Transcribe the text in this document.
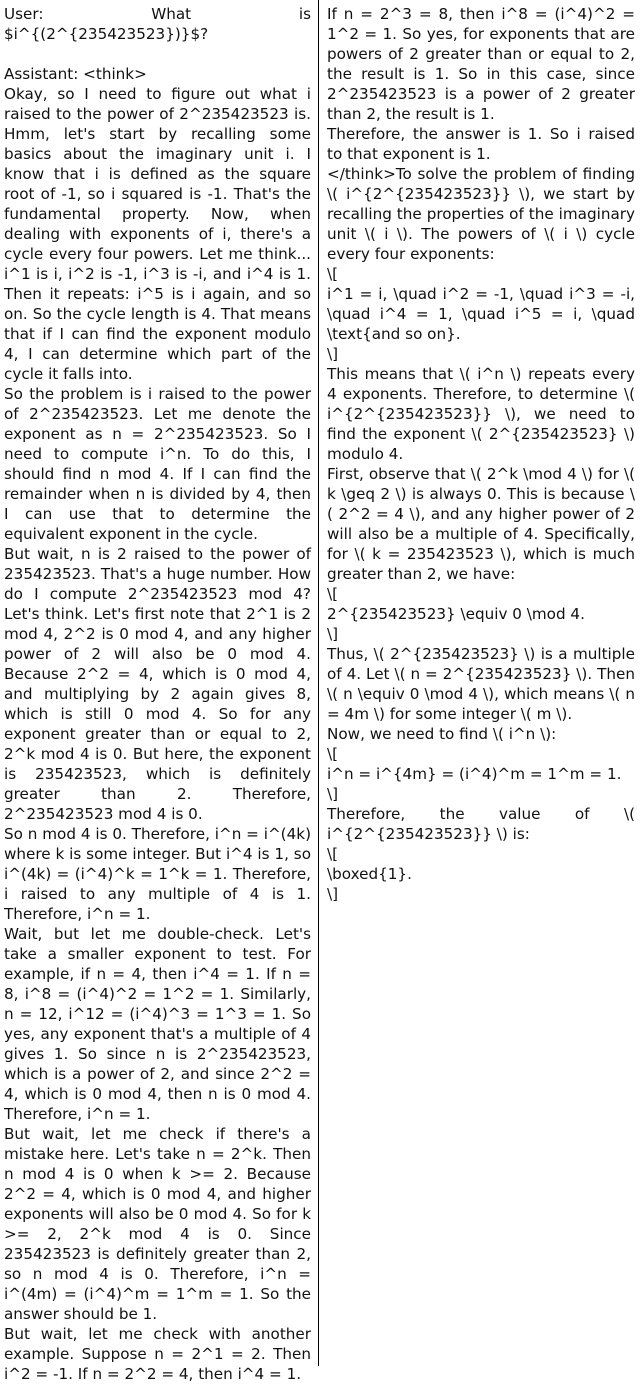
User: What is $i^{(2^{235423523})}$?

Assistant: <think>

Okay, so I need to figure out what i raised to the power of 2^235423523 is. Hmm, let's start by recalling some basics about the imaginary unit i. I know that i is defined as the square root of -1, so i squared is -1. That's the fundamental property. Now, when dealing with exponents of i, there's a cycle every four powers. Let me think... i^1 is i, i^2 is -1, i^3 is -i, and i^4 is 1. Then it repeats: i^5 is i again, and so on. So the cycle length is 4. That means that if I can find the exponent modulo 4, I can determine which part of the cycle it falls into.

So the problem is i raised to the power of 2^235423523. Let me denote the exponent as n = 2^235423523. So I need to compute i^n. To do this, I should find n mod 4. If I can find the remainder when n is divided by 4, then I can use that to determine the equivalent exponent in the cycle.

But wait, n is 2 raised to the power of 235423523. That's a huge number. How do I compute 2^235423523 mod 4? Let's think. Let's first note that 2^1 is 2 mod 4, 2^2 is 0 mod 4, and any higher power of 2 will also be 0 mod 4. Because 2^2 = 4, which is 0 mod 4, and multiplying by 2 again gives 8, which is still 0 mod 4. So for any exponent greater than or equal to 2, 2^k mod 4 is 0. But here, the exponent is 235423523, which is definitely greater than 2. Therefore, 2^235423523 mod 4 is 0.

So n mod 4 is 0. Therefore, i^n = i^(4k) where k is some integer. But i^4 is 1, so i^(4k) = (i^4)^k = 1^k = 1. Therefore, i raised to any multiple of 4 is 1. Therefore, i^n = 1.

Wait, but let me double-check. Let's take a smaller exponent to test. For example, if n = 4, then i^4 = 1. If n = 8, i^8 = (i^4)^2 = 1^2 = 1. Similarly, n = 12, i^12 = (i^4)^3 = 1^3 = 1. So yes, any exponent that's a multiple of 4 gives 1. So since n is 2^235423523, which is a power of 2, and since 2^2 = 4, which is 0 mod 4, then n is 0 mod 4. Therefore, i^n = 1.

But wait, let me check if there's a mistake here. Let's take n = 2^k. Then n mod 4 is 0 when k >= 2. Because 2^2 = 4, which is 0 mod 4, and higher exponents will also be 0 mod 4. So for k >= 2, 2^k mod 4 is 0. Since 235423523 is definitely greater than 2, so n mod 4 is 0. Therefore, i^n = i^(4m) = (i^4)^m = 1^m = 1. So the answer should be 1.

But wait, let me check with another example. Suppose n = 2^1 = 2. Then i^2 = -1. If n = 2^2 = 4, then i^4 = 1.

If n = 2^3 = 8, then i^8 = (i^4)^2 = 1^2 = 1. So yes, for exponents that are powers of 2 greater than or equal to 2, the result is 1. So in this case, since 2^235423523 is a power of 2 greater than 2, the result is 1.

Therefore, the answer is 1. So i raised to that exponent is 1.

</think>To solve the problem of finding \( i^{2^{235423523}} \), we start by recalling the properties of the imaginary unit \( i \). The powers of \( i \) cycle every four exponents:

\[

i^1 = i, \quad i^2 = -1, \quad i^3 = -i, \quad i^4 = 1, \quad i^5 = i, \quad \text{and so on}.

\]

This means that \( i^n \) repeats every 4 exponents. Therefore, to determine \( i^{2^{235423523}} \), we need to find the exponent \( 2^{235423523} \) modulo 4.

First, observe that \( 2^k \mod 4 \) for \( k \geq 2 \) is always 0. This is because \( 2^2 = 4 \), and any higher power of 2 will also be a multiple of 4. Specifically, for \( k = 235423523 \), which is much greater than 2, we have:

\[

2^{235423523} \equiv 0 \mod 4.

\]

Thus, \( 2^{235423523} \) is a multiple of 4. Let \( n = 2^{235423523} \). Then \( n \equiv 0 \mod 4 \), which means \( n = 4m \) for some integer \( m \).

Now, we need to find \( i^n \):

\[

i^n = i^{4m} = (i^4)^m = 1^m = 1.

\]

Therefore, the value of \( i^{2^{235423523}} \) is:

\[

\boxed{1}.

\]
